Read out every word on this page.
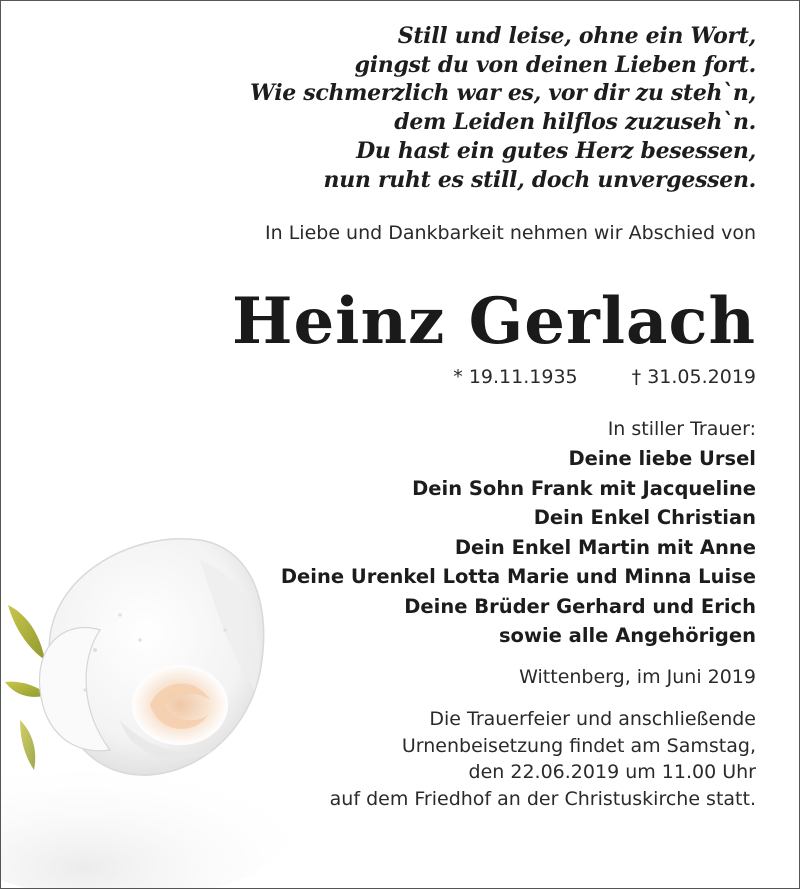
Still und leise, ohne ein Wort,
gingst du von deinen Lieben fort.
Wie schmerzlich war es, vor dir zu steh`n,
dem Leiden hilflos zuzuseh`n.
Du hast ein gutes Herz besessen,
nun ruht es still, doch unvergessen.
In Liebe und Dankbarkeit nehmen wir Abschied von
Heinz Gerlach
* 19.11.1935	† 31.05.2019
In stiller Trauer:
Deine liebe Ursel
Dein Sohn Frank mit Jacqueline
Dein Enkel Christian
Dein Enkel Martin mit Anne
Deine Urenkel Lotta Marie und Minna Luise
Deine Brüder Gerhard und Erich
sowie alle Angehörigen
Wittenberg, im Juni 2019
Die Trauerfeier und anschließende
Urnenbeisetzung findet am Samstag,
den 22.06.2019 um 11.00 Uhr
auf dem Friedhof an der Christuskirche statt.
